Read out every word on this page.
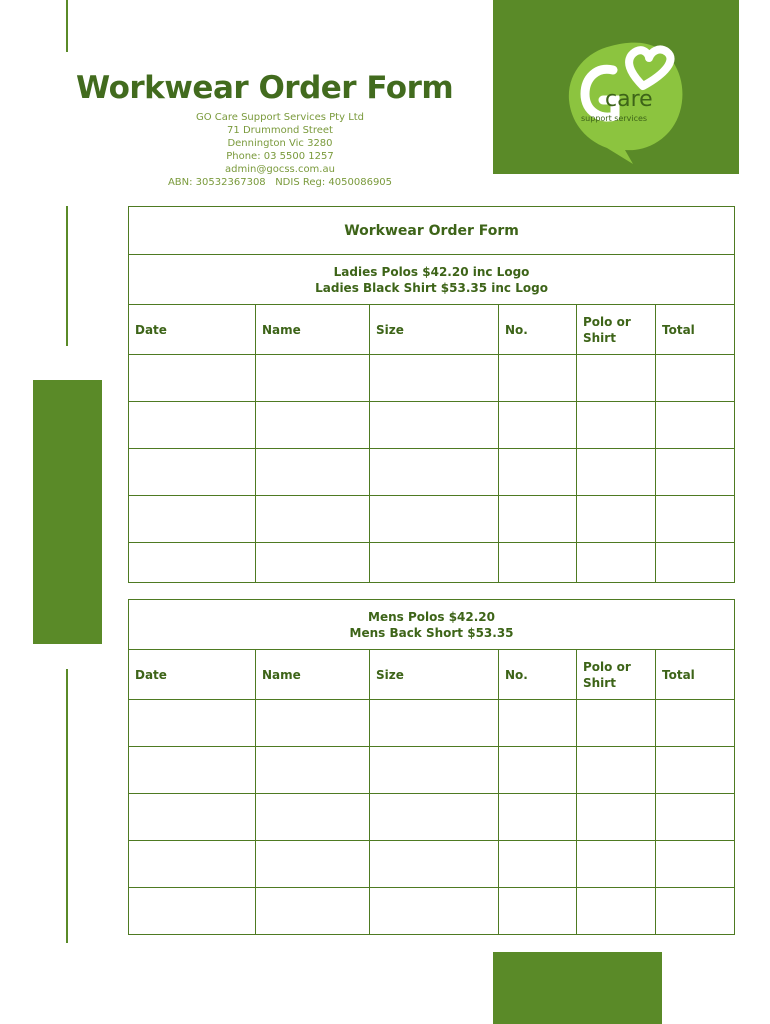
Workwear Order Form
GO Care Support Services Pty Ltd
71 Drummond Street
Dennington Vic 3280
Phone: 03 5500 1257
admin@gocss.com.au
ABN: 30532367308   NDIS Reg: 4050086905
care
support services
Workwear Order Form					

Ladies Polos $42.20 inc Logo
Ladies Black Shirt $53.35 inc Logo					

Date	Name	Size	No.	Polo or Shirt	Total

Mens Polos $42.20
Mens Back Short $53.35					

Date	Name	Size	No.	Polo or Shirt	Total
